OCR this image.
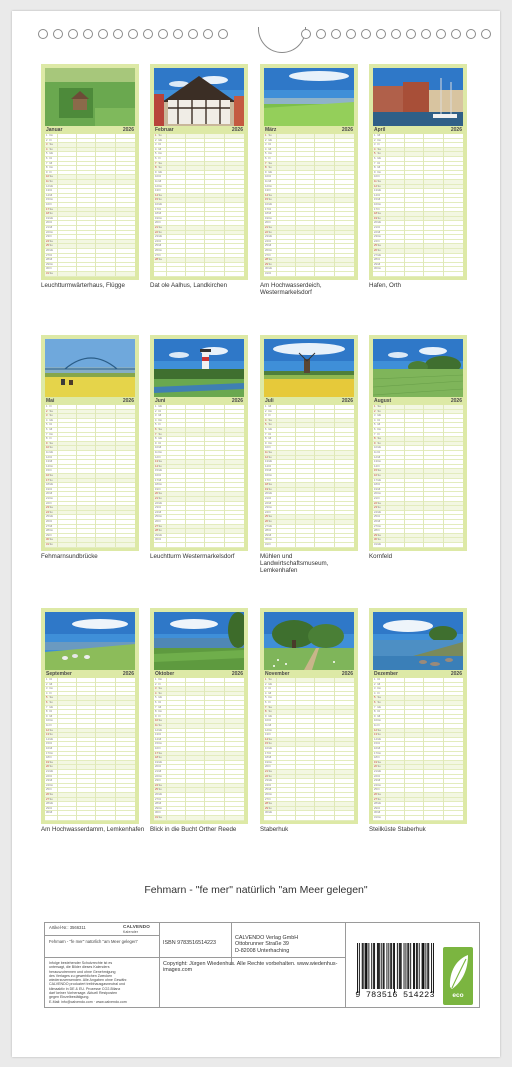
Januar	2026
1 Do
2 Fr
3 Sa
4 So
5 Mo
6 Di
7 Mi
8 Do
9 Fr
10 Sa
11 So
12 Mo
13 Di
14 Mi
15 Do
16 Fr
17 Sa
18 So
19 Mo
20 Di
21 Mi
22 Do
23 Fr
24 Sa
25 So
26 Mo
27 Di
28 Mi
29 Do
30 Fr
31 Sa
Leuchtturmwärterhaus, Flügge
Februar	2026
1 So
2 Mo
3 Di
4 Mi
5 Do
6 Fr
7 Sa
8 So
9 Mo
10 Di
11 Mi
12 Do
13 Fr
14 Sa
15 So
16 Mo
17 Di
18 Mi
19 Do
20 Fr
21 Sa
22 So
23 Mo
24 Di
25 Mi
26 Do
27 Fr
28 Sa
Dat ole Aalhus, Landkirchen
März	2026
1 So
2 Mo
3 Di
4 Mi
5 Do
6 Fr
7 Sa
8 So
9 Mo
10 Di
11 Mi
12 Do
13 Fr
14 Sa
15 So
16 Mo
17 Di
18 Mi
19 Do
20 Fr
21 Sa
22 So
23 Mo
24 Di
25 Mi
26 Do
27 Fr
28 Sa
29 So
30 Mo
31 Di
Am Hochwasserdeich, Westermarkelsdorf
April	2026
1 Mi
2 Do
3 Fr
4 Sa
5 So
6 Mo
7 Di
8 Mi
9 Do
10 Fr
11 Sa
12 So
13 Mo
14 Di
15 Mi
16 Do
17 Fr
18 Sa
19 So
20 Mo
21 Di
22 Mi
23 Do
24 Fr
25 Sa
26 So
27 Mo
28 Di
29 Mi
30 Do
Hafen, Orth
Mai	2026
1 Fr
2 Sa
3 So
4 Mo
5 Di
6 Mi
7 Do
8 Fr
9 Sa
10 So
11 Mo
12 Di
13 Mi
14 Do
15 Fr
16 Sa
17 So
18 Mo
19 Di
20 Mi
21 Do
22 Fr
23 Sa
24 So
25 Mo
26 Di
27 Mi
28 Do
29 Fr
30 Sa
31 So
Fehmarnsundbrücke
Juni	2026
1 Mo
2 Di
3 Mi
4 Do
5 Fr
6 Sa
7 So
8 Mo
9 Di
10 Mi
11 Do
12 Fr
13 Sa
14 So
15 Mo
16 Di
17 Mi
18 Do
19 Fr
20 Sa
21 So
22 Mo
23 Di
24 Mi
25 Do
26 Fr
27 Sa
28 So
29 Mo
30 Di
Leuchtturm Westermarkelsdorf
Juli	2026
1 Mi
2 Do
3 Fr
4 Sa
5 So
6 Mo
7 Di
8 Mi
9 Do
10 Fr
11 Sa
12 So
13 Mo
14 Di
15 Mi
16 Do
17 Fr
18 Sa
19 So
20 Mo
21 Di
22 Mi
23 Do
24 Fr
25 Sa
26 So
27 Mo
28 Di
29 Mi
30 Do
31 Fr
Mühlen und Landwirtschaftsmuseum, Lemkenhafen
August	2026
1 Sa
2 So
3 Mo
4 Di
5 Mi
6 Do
7 Fr
8 Sa
9 So
10 Mo
11 Di
12 Mi
13 Do
14 Fr
15 Sa
16 So
17 Mo
18 Di
19 Mi
20 Do
21 Fr
22 Sa
23 So
24 Mo
25 Di
26 Mi
27 Do
28 Fr
29 Sa
30 So
31 Mo
Kornfeld
September	2026
1 Di
2 Mi
3 Do
4 Fr
5 Sa
6 So
7 Mo
8 Di
9 Mi
10 Do
11 Fr
12 Sa
13 So
14 Mo
15 Di
16 Mi
17 Do
18 Fr
19 Sa
20 So
21 Mo
22 Di
23 Mi
24 Do
25 Fr
26 Sa
27 So
28 Mo
29 Di
30 Mi
Am Hochwasserdamm, Lemkenhafen
Oktober	2026
1 Do
2 Fr
3 Sa
4 So
5 Mo
6 Di
7 Mi
8 Do
9 Fr
10 Sa
11 So
12 Mo
13 Di
14 Mi
15 Do
16 Fr
17 Sa
18 So
19 Mo
20 Di
21 Mi
22 Do
23 Fr
24 Sa
25 So
26 Mo
27 Di
28 Mi
29 Do
30 Fr
31 Sa
Blick in die Bucht Orther Reede
November	2026
1 So
2 Mo
3 Di
4 Mi
5 Do
6 Fr
7 Sa
8 So
9 Mo
10 Di
11 Mi
12 Do
13 Fr
14 Sa
15 So
16 Mo
17 Di
18 Mi
19 Do
20 Fr
21 Sa
22 So
23 Mo
24 Di
25 Mi
26 Do
27 Fr
28 Sa
29 So
30 Mo
Staberhuk
Dezember	2026
1 Di
2 Mi
3 Do
4 Fr
5 Sa
6 So
7 Mo
8 Di
9 Mi
10 Do
11 Fr
12 Sa
13 So
14 Mo
15 Di
16 Mi
17 Do
18 Fr
19 Sa
20 So
21 Mo
22 Di
23 Mi
24 Do
25 Fr
26 Sa
27 So
28 Mo
29 Di
30 Mi
31 Do
Steilküste Staberhuk
Fehmarn - "fe mer" natürlich "am Meer gelegen"
Artikel-Nr.: 3566311	CALVENDO
Kalender
Fehmarn - "fe mer" natürlich "am Meer gelegen"
Infolge bestehender Schutzrechte ist es
untersagt, die Bilder dieses Kalenders
herauszutrennen und ohne Genehmigung
des Verlages zu gewerblichen Zwecken
wiederzuverwenden. Alle Angaben ohne Gewähr.
CALVENDO produziert treibhausgasneutral und
klimaaktiv in DE & EU. Prozesse CO2-Bilanz
darf keiner Vorhersage. Aktuell Restposten
gegen Einzelbestätigung.
E-Mail: info@calvendo.com · www.calvendo.com
ISBN 9783516514223
CALVENDO Verlag GmbH
Ottobrunner Straße 39
D-82008 Unterhaching
Copyright: Jürgen Wiedenhus. Alle Rechte vorbehalten. www.wiedenhus-images.com
9 783516 514223	eco
